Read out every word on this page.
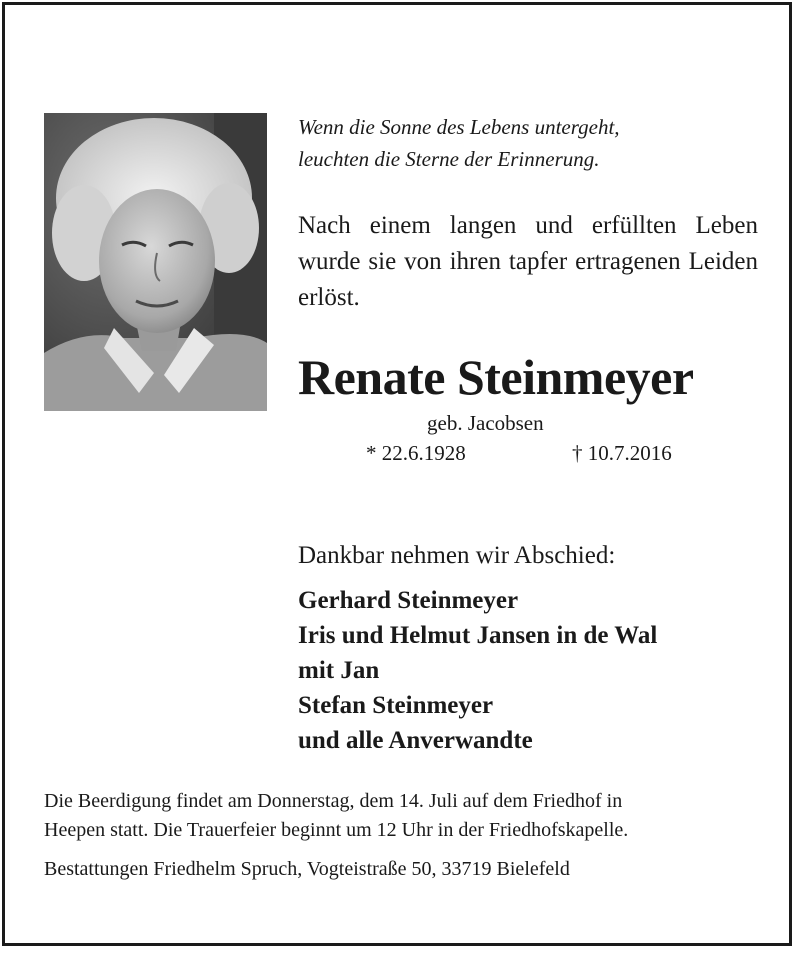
Wenn die Sonne des Lebens untergeht,
leuchten die Sterne der Erinnerung.
Nach einem langen und erfüllten Leben wurde sie von ihren tapfer ertragenen Leiden erlöst.
Renate Steinmeyer
geb. Jacobsen
* 22.6.1928	† 10.7.2016
Dankbar nehmen wir Abschied:
Gerhard Steinmeyer
Iris und Helmut Jansen in de Wal
mit Jan
Stefan Steinmeyer
und alle Anverwandte
Die Beerdigung findet am Donnerstag, dem 14. Juli auf dem Friedhof in
Heepen statt. Die Trauerfeier beginnt um 12 Uhr in der Friedhofskapelle.
Bestattungen Friedhelm Spruch, Vogteistraße 50, 33719 Bielefeld
